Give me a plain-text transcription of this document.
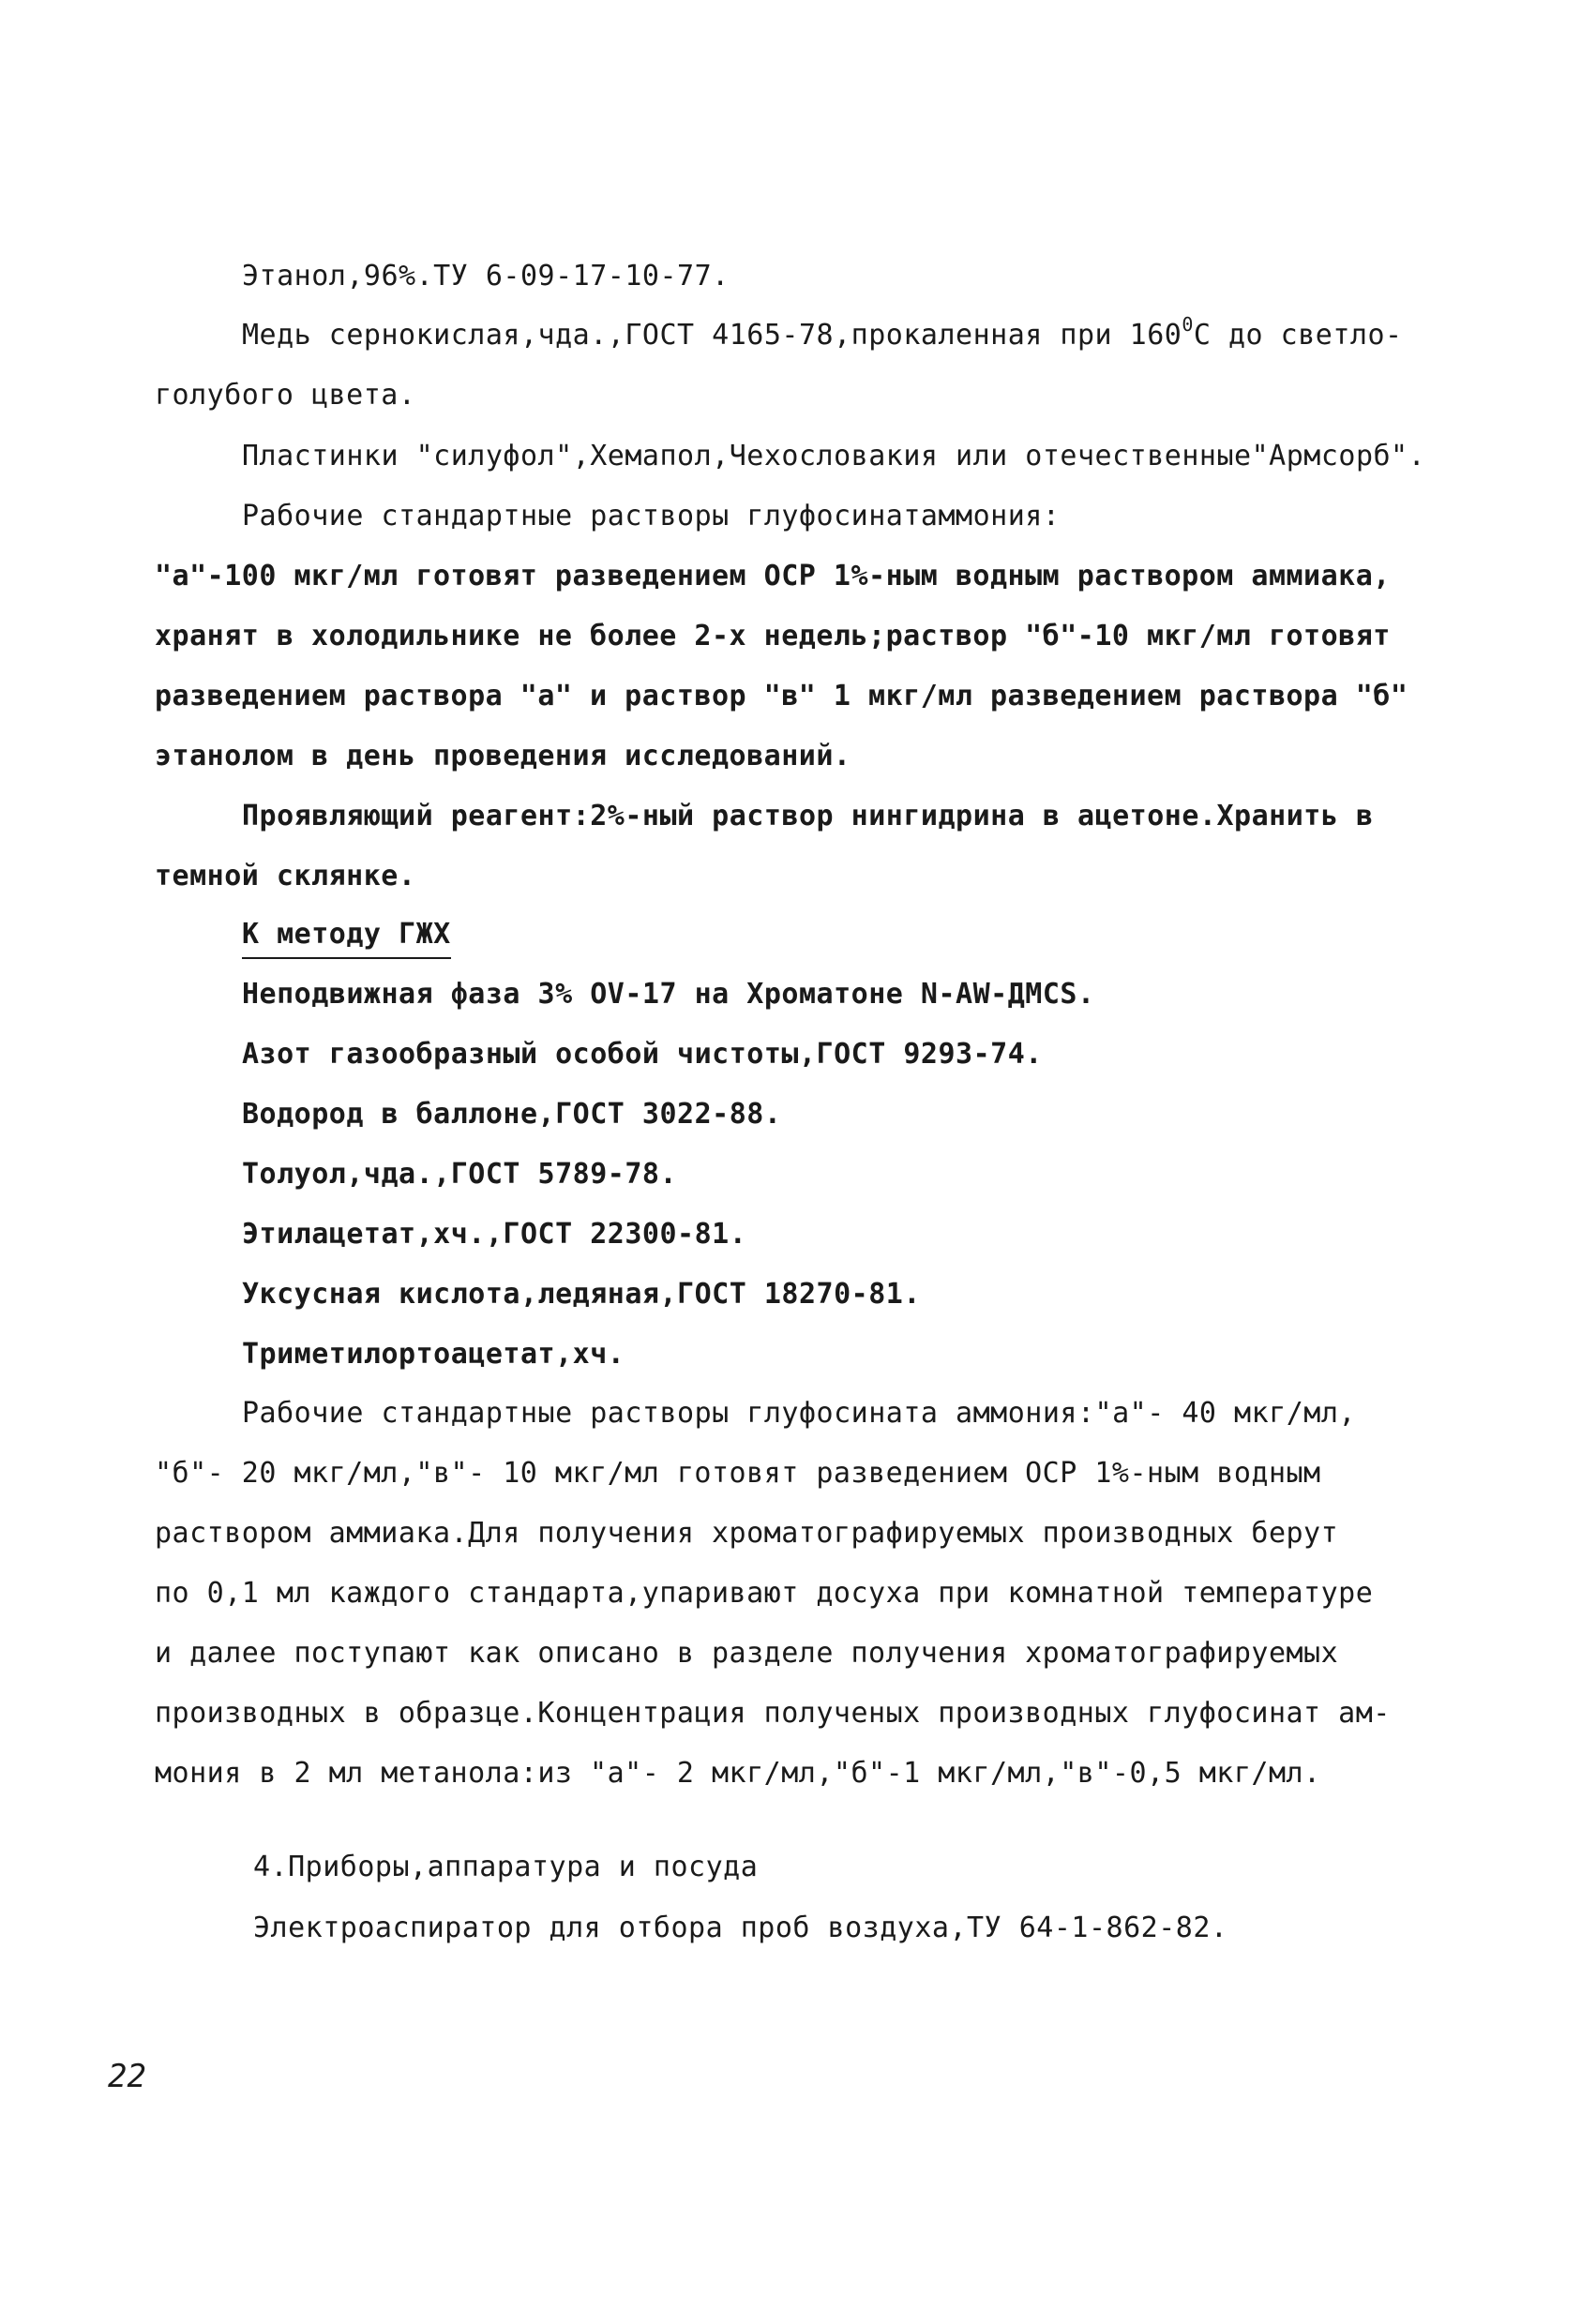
Этанол,96%.ТУ 6-09-17-10-77.
Медь сернокислая,чда.,ГОСТ 4165-78,прокаленная при $160^0С$ до светло-
голубого цвета.
Пластинки "силуфол",Хемапол,Чехословакия или отечественные"Армсорб".
Рабочие стандартные растворы глуфосинатаммония:
"а"-100 мкг/мл готовят разведением ОСР 1%-ным водным раствором аммиака,
хранят в холодильнике не более 2-х недель;раствор "б"-10 мкг/мл готовят
разведением раствора "а" и раствор "в" 1 мкг/мл разведением раствора "б"
этанолом в день проведения исследований.
Проявляющий реагент:2%-ный раствор нингидрина в ацетоне.Хранить в
темной склянке.
К методу ГЖХ
Неподвижная фаза 3% OV-17 на Хроматоне N-AW-ДМCS.
Азот газообразный особой чистоты,ГОСТ 9293-74.
Водород в баллоне,ГОСТ 3022-88.
Толуол,чда.,ГОСТ 5789-78.
Этилацетат,хч.,ГОСТ 22300-81.
Уксусная кислота,ледяная,ГОСТ 18270-81.
Триметилортоацетат,хч.
Рабочие стандартные растворы глуфосината аммония:"а"- 40 мкг/мл,
"б"- 20 мкг/мл,"в"- 10 мкг/мл готовят разведением ОСР 1%-ным водным
раствором аммиака.Для получения хроматографируемых производных берут
по 0,1 мл каждого стандарта,упаривают досуха при комнатной температуре
и далее поступают как описано в разделе получения хроматографируемых
производных в образце.Концентрация полученых производных глуфосинат ам-
мония в 2 мл метанола:из "а"- 2 мкг/мл,"б"-1 мкг/мл,"в"-0,5 мкг/мл.
4.Приборы,аппаратура и посуда
Электроаспиратор для отбора проб воздуха,ТУ 64-1-862-82.
22
